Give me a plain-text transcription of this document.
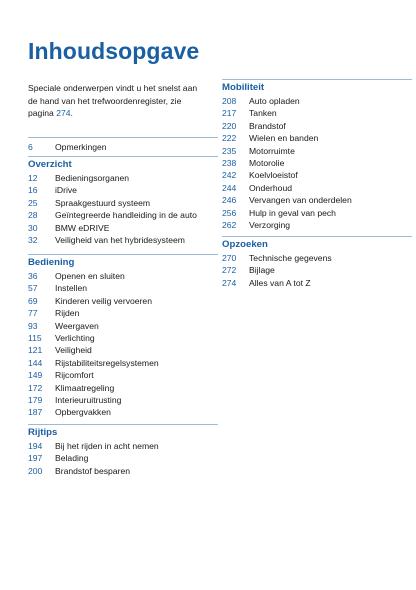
Inhoudsopgave
Speciale onderwerpen vindt u het snelst aan de hand van het trefwoordenregister, zie pagina 274.
6	Opmerkingen
Overzicht
12	Bedieningsorganen
16	iDrive
25	Spraakgestuurd systeem
28	Geïntegreerde handleiding in de auto
30	BMW eDRIVE
32	Veiligheid van het hybridesysteem
Bediening
36	Openen en sluiten
57	Instellen
69	Kinderen veilig vervoeren
77	Rijden
93	Weergaven
115	Verlichting
121	Veiligheid
144	Rijstabiliteitsregelsystemen
149	Rijcomfort
172	Klimaatregeling
179	Interieuruitrusting
187	Opbergvakken
Rijtips
194	Bij het rijden in acht nemen
197	Belading
200	Brandstof besparen
Mobiliteit
208	Auto opladen
217	Tanken
220	Brandstof
222	Wielen en banden
235	Motorruimte
238	Motorolie
242	Koelvloeistof
244	Onderhoud
246	Vervangen van onderdelen
256	Hulp in geval van pech
262	Verzorging
Opzoeken
270	Technische gegevens
272	Bijlage
274	Alles van A tot Z
